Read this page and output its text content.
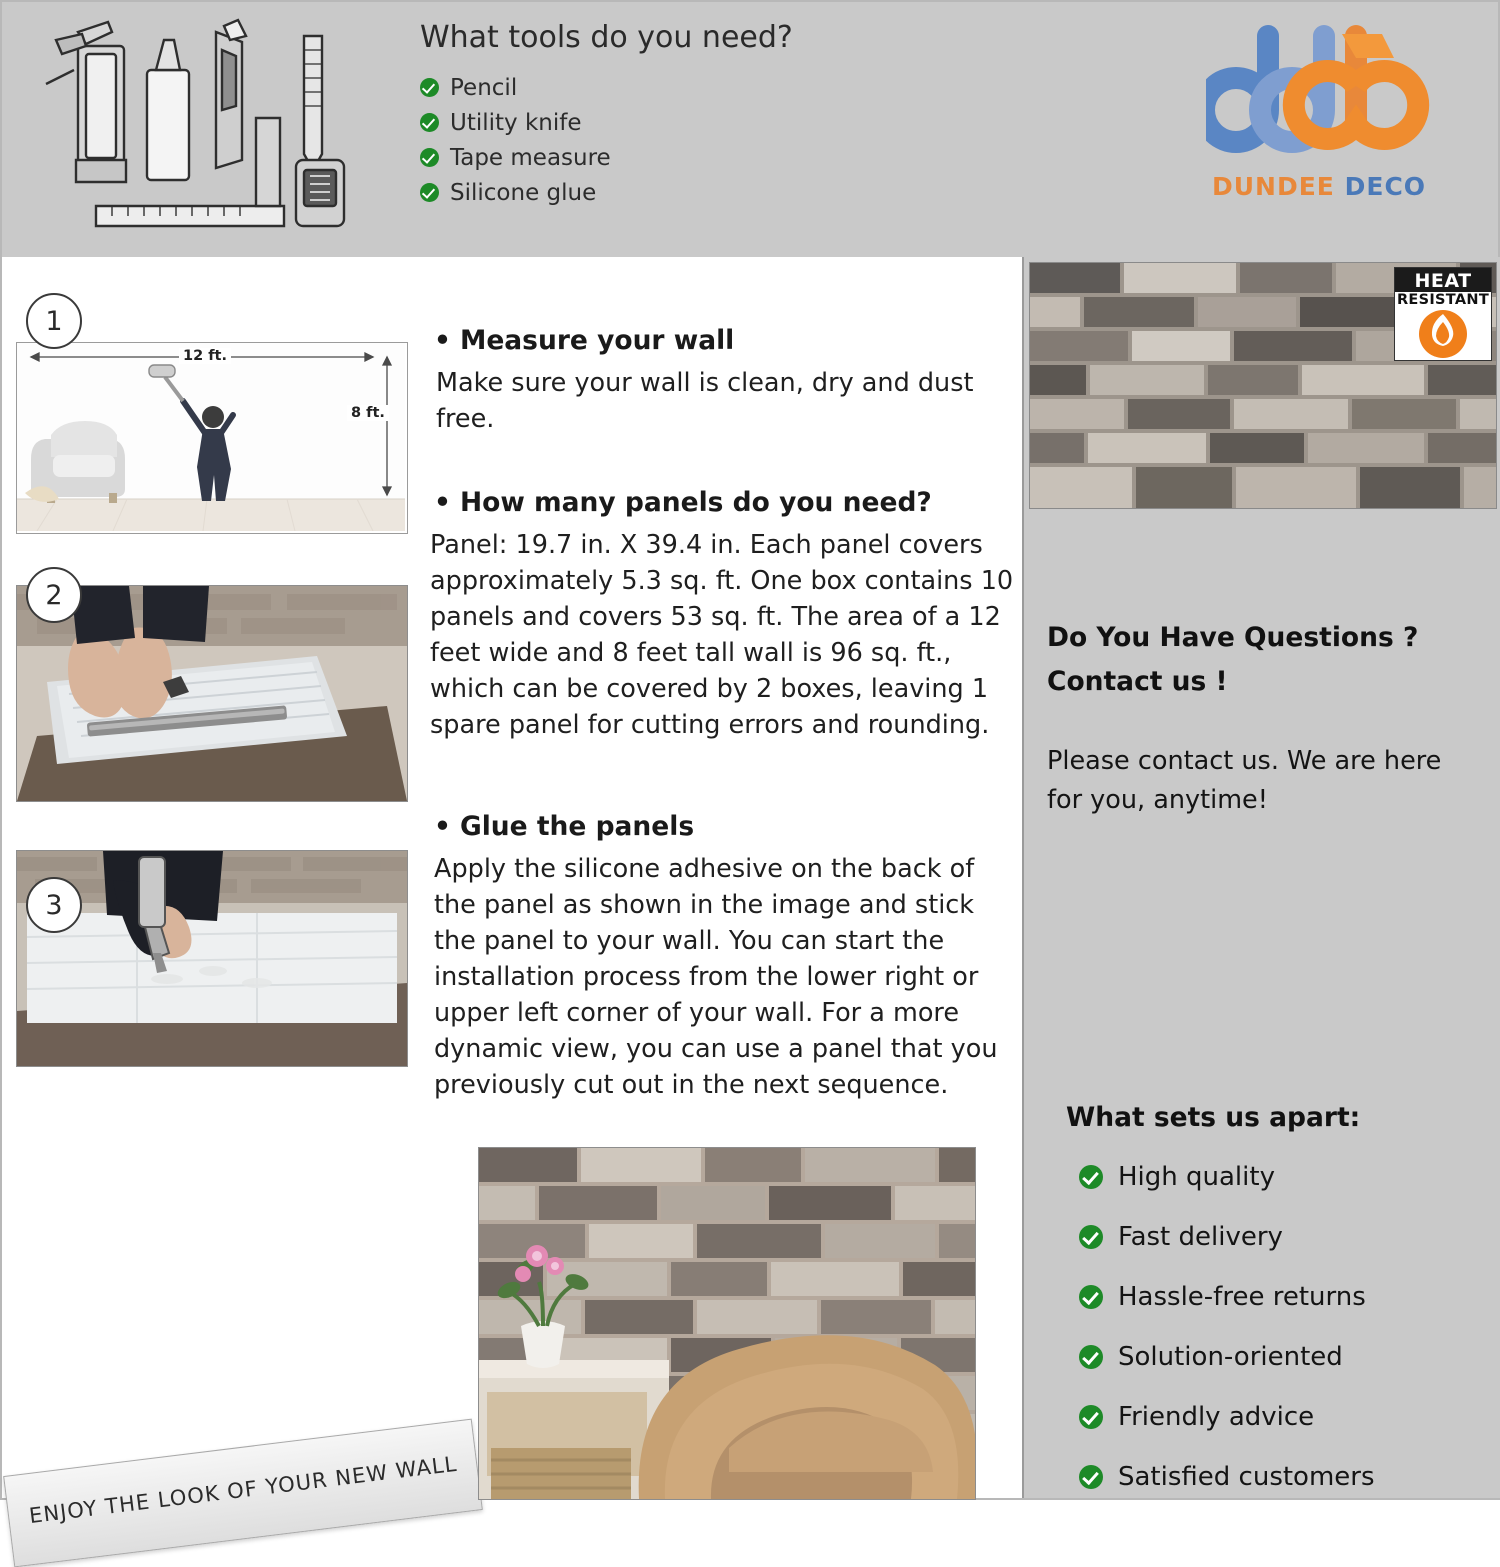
What tools do you need?
Pencil
Utility knife
Tape measure
Silicone glue	DUNDEE DECO
1
12 ft.
8 ft.
2
3
• Measure your wall
Make sure your wall is clean, dry and dust free.
• How many panels do you need?
Panel: 19.7 in. X 39.4 in. Each panel covers approximately 5.3 sq. ft. One box contains 10 panels and covers 53 sq. ft. The area of a 12 feet wide and 8 feet tall wall is 96 sq. ft., which can be covered by 2 boxes, leaving 1 spare panel for cutting errors and rounding.
• Glue the panels
Apply the silicone adhesive on the back of the panel as shown in the image and stick the panel to your wall. You can start the installation process from the lower right or upper left corner of your wall. For a more dynamic view, you can use a panel that you previously cut out in the next sequence.
ENJOY THE LOOK OF YOUR NEW WALL
HEAT
RESISTANT
Do You Have Questions ?
Contact us !
Please contact us. We are here for you, anytime!
What sets us apart:
High quality
Fast delivery
Hassle-free returns
Solution-oriented
Friendly advice
Satisfied customers
